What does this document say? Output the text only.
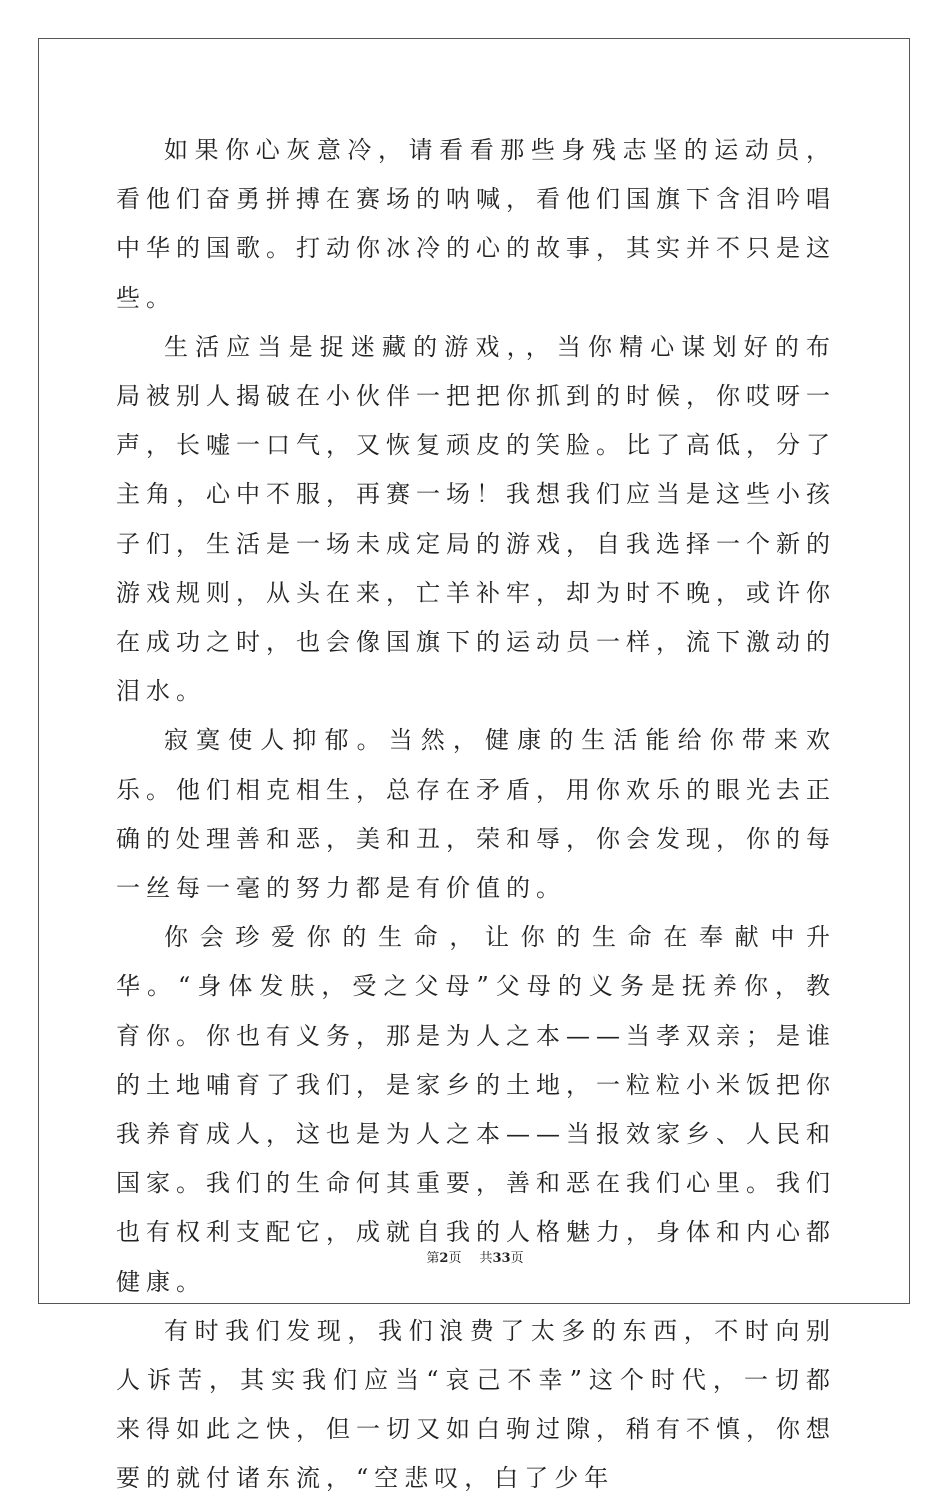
如果你心灰意冷，请看看那些身残志坚的运动员，看他们奋勇拼搏在赛场的呐喊，看他们国旗下含泪吟唱中华的国歌。打动你冰冷的心的故事，其实并不只是这些。

生活应当是捉迷藏的游戏，，当你精心谋划好的布局被别人揭破在小伙伴一把把你抓到的时候，你哎呀一声，长嘘一口气，又恢复顽皮的笑脸。比了高低，分了主角，心中不服，再赛一场！我想我们应当是这些小孩子们，生活是一场未成定局的游戏，自我选择一个新的游戏规则，从头在来，亡羊补牢，却为时不晚，或许你在成功之时，也会像国旗下的运动员一样，流下激动的泪水。

寂寞使人抑郁。当然，健康的生活能给你带来欢乐。他们相克相生，总存在矛盾，用你欢乐的眼光去正确的处理善和恶，美和丑，荣和辱，你会发现，你的每一丝每一毫的努力都是有价值的。

你会珍爱你的生命，让你的生命在奉献中升华。“身体发肤，受之父母”父母的义务是抚养你，教育你。你也有义务，那是为人之本——当孝双亲；是谁的土地哺育了我们，是家乡的土地，一粒粒小米饭把你我养育成人，这也是为人之本——当报效家乡、人民和国家。我们的生命何其重要，善和恶在我们心里。我们也有权利支配它，成就自我的人格魅力，身体和内心都健康。

有时我们发现，我们浪费了太多的东西，不时向别人诉苦，其实我们应当“哀己不幸”这个时代，一切都来得如此之快，但一切又如白驹过隙，稍有不慎，你想要的就付诸东流，“空悲叹，白了少年

第2页 共33页
